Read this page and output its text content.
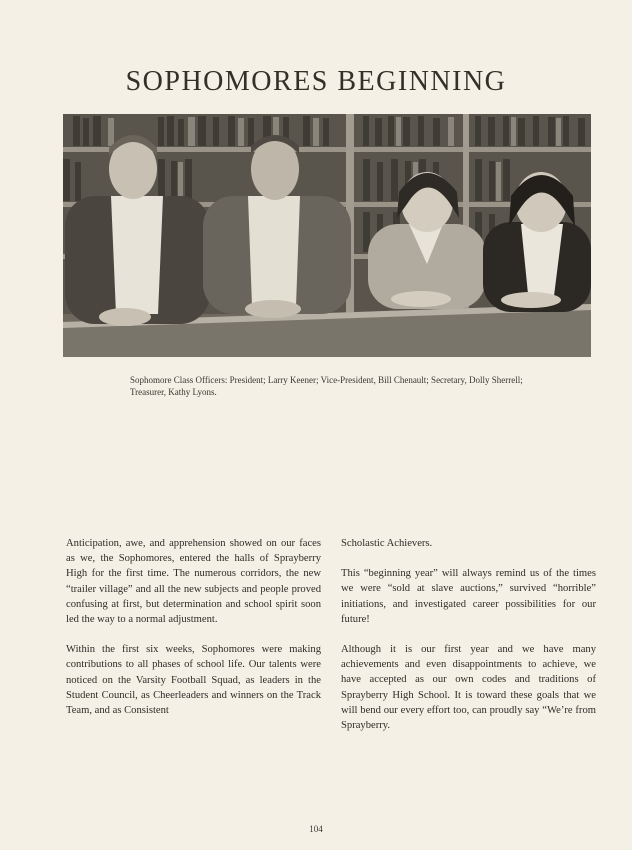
SOPHOMORES BEGINNING
Sophomore Class Officers: President; Larry Keener; Vice-President, Bill Chenault; Secretary, Dolly Sherrell; Treasurer, Kathy Lyons.

Anticipation, awe, and apprehension showed on our faces as we, the Sophomores, entered the halls of Sprayberry High for the first time. The numerous corridors, the new “trailer village” and all the new subjects and people proved confusing at first, but determination and school spirit soon led the way to a normal adjustment.

Within the first six weeks, Sophomores were making contributions to all phases of school life. Our talents were noticed on the Varsity Football Squad, as leaders in the Student Council, as Cheerleaders and winners on the Track Team, and as Consistent

Scholastic Achievers.

This “beginning year” will always remind us of the times we were “sold at slave auctions,” survived “horrible” initiations, and investigated career possibilities for our future!

Although it is our first year and we have many achievements and even disappointments to achieve, we have accepted as our own codes and traditions of Sprayberry High School. It is toward these goals that we will bend our every effort too, can proudly say “We’re from Sprayberry.

104
